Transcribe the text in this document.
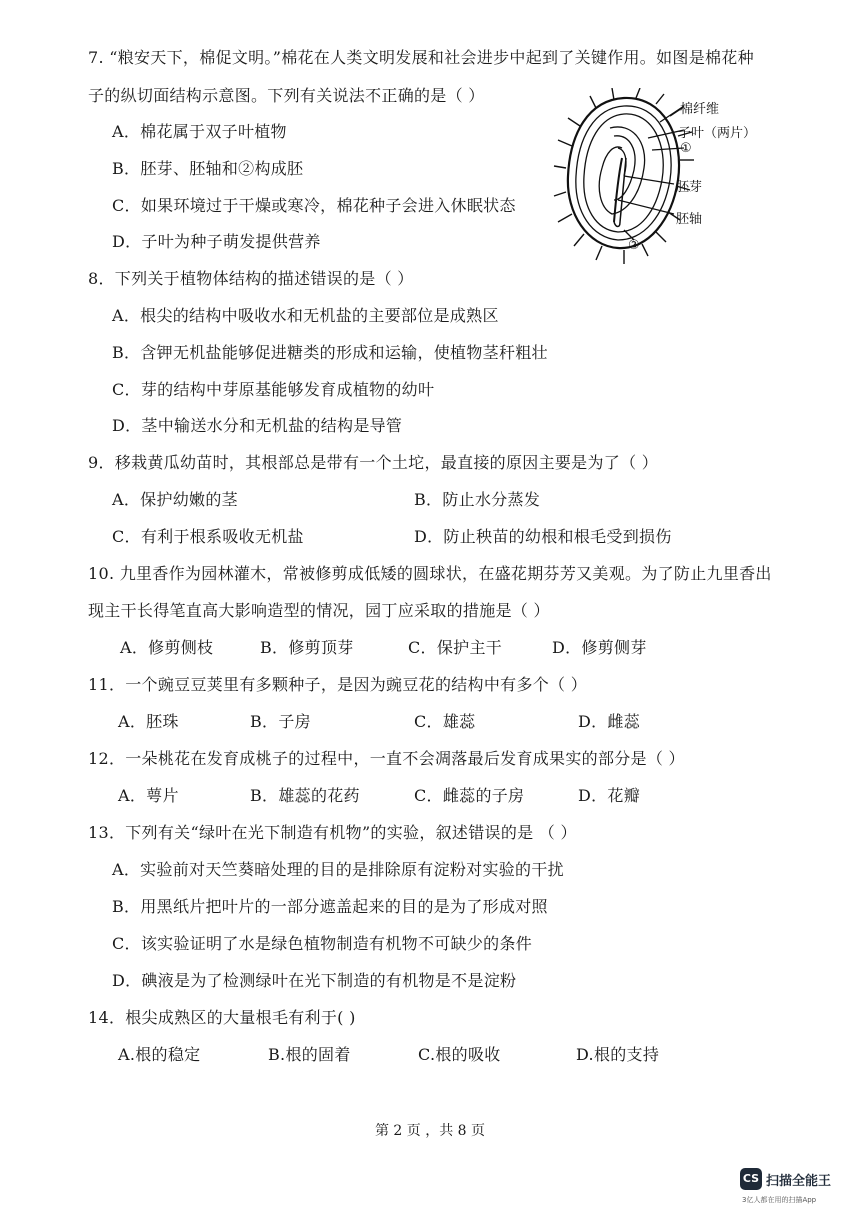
7. “粮安天下，棉促文明。”棉花在人类文明发展和社会进步中起到了关键作用。如图是棉花种
子的纵切面结构示意图。下列有关说法不正确的是（ ）
A．棉花属于双子叶植物
B．胚芽、胚轴和②构成胚
C．如果环境过于干燥或寒冷，棉花种子会进入休眠状态
D．子叶为种子萌发提供营养
棉纤维
子叶（两片）
①
胚芽
胚轴
②
8．下列关于植物体结构的描述错误的是（ ）
A．根尖的结构中吸收水和无机盐的主要部位是成熟区
B．含钾无机盐能够促进糖类的形成和运输，使植物茎秆粗壮
C．芽的结构中芽原基能够发育成植物的幼叶
D．茎中输送水分和无机盐的结构是导管
9．移栽黄瓜幼苗时，其根部总是带有一个土坨，最直接的原因主要是为了（ ）
A．保护幼嫩的茎	B．防止水分蒸发
C．有利于根系吸收无机盐	D．防止秧苗的幼根和根毛受到损伤
10. 九里香作为园林灌木，常被修剪成低矮的圆球状，在盛花期芬芳又美观。为了防止九里香出
现主干长得笔直高大影响造型的情况，园丁应采取的措施是（ ）
A．修剪侧枝	B．修剪顶芽	C．保护主干	D．修剪侧芽
11．一个豌豆豆荚里有多颗种子，是因为豌豆花的结构中有多个（ ）
A．胚珠	B．子房	C．雄蕊	D．雌蕊
12．一朵桃花在发育成桃子的过程中，一直不会凋落最后发育成果实的部分是（ ）
A．萼片	B．雄蕊的花药	C．雌蕊的子房	D．花瓣
13．下列有关“绿叶在光下制造有机物”的实验，叙述错误的是 （ ）
A．实验前对天竺葵暗处理的目的是排除原有淀粉对实验的干扰
B．用黑纸片把叶片的一部分遮盖起来的目的是为了形成对照
C．该实验证明了水是绿色植物制造有机物不可缺少的条件
D．碘液是为了检测绿叶在光下制造的有机物是不是淀粉
14．根尖成熟区的大量根毛有利于( )
A.根的稳定	B.根的固着	C.根的吸收	D.根的支持
第 2 页 ，共 8 页
CS 扫描全能王
3亿人都在用的扫描App
